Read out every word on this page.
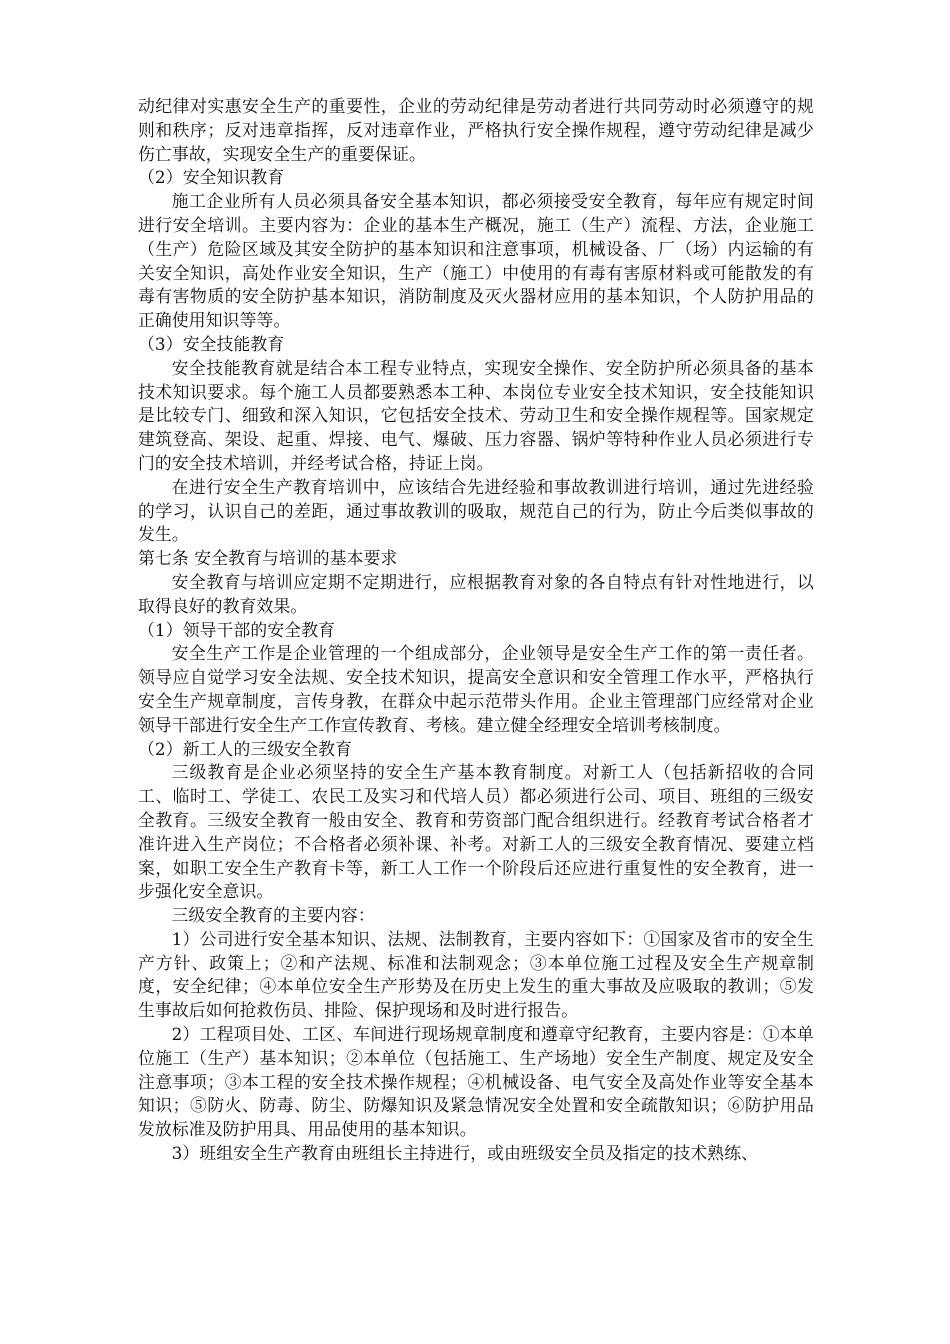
动纪律对实惠安全生产的重要性，企业的劳动纪律是劳动者进行共同劳动时必须遵守的规则和秩序；反对违章指挥，反对违章作业，严格执行安全操作规程，遵守劳动纪律是减少伤亡事故，实现安全生产的重要保证。

（2）安全知识教育

施工企业所有人员必须具备安全基本知识，都必须接受安全教育，每年应有规定时间进行安全培训。主要内容为：企业的基本生产概况，施工（生产）流程、方法，企业施工（生产）危险区域及其安全防护的基本知识和注意事项，机械设备、厂（场）内运输的有关安全知识，高处作业安全知识，生产（施工）中使用的有毒有害原材料或可能散发的有毒有害物质的安全防护基本知识，消防制度及灭火器材应用的基本知识，个人防护用品的正确使用知识等等。

（3）安全技能教育

安全技能教育就是结合本工程专业特点，实现安全操作、安全防护所必须具备的基本技术知识要求。每个施工人员都要熟悉本工种、本岗位专业安全技术知识，安全技能知识是比较专门、细致和深入知识，它包括安全技术、劳动卫生和安全操作规程等。国家规定建筑登高、架设、起重、焊接、电气、爆破、压力容器、锅炉等特种作业人员必须进行专门的安全技术培训，并经考试合格，持证上岗。

在进行安全生产教育培训中，应该结合先进经验和事故教训进行培训，通过先进经验的学习，认识自己的差距，通过事故教训的吸取，规范自己的行为，防止今后类似事故的发生。

第七条 安全教育与培训的基本要求

安全教育与培训应定期不定期进行，应根据教育对象的各自特点有针对性地进行，以取得良好的教育效果。

（1）领导干部的安全教育

安全生产工作是企业管理的一个组成部分，企业领导是安全生产工作的第一责任者。领导应自觉学习安全法规、安全技术知识，提高安全意识和安全管理工作水平，严格执行安全生产规章制度，言传身教，在群众中起示范带头作用。企业主管理部门应经常对企业领导干部进行安全生产工作宣传教育、考核。建立健全经理安全培训考核制度。

（2）新工人的三级安全教育

三级教育是企业必须坚持的安全生产基本教育制度。对新工人（包括新招收的合同工、临时工、学徒工、农民工及实习和代培人员）都必须进行公司、项目、班组的三级安全教育。三级安全教育一般由安全、教育和劳资部门配合组织进行。经教育考试合格者才准许进入生产岗位；不合格者必须补课、补考。对新工人的三级安全教育情况、要建立档案，如职工安全生产教育卡等，新工人工作一个阶段后还应进行重复性的安全教育，进一步强化安全意识。

三级安全教育的主要内容：

1）公司进行安全基本知识、法规、法制教育，主要内容如下：①国家及省市的安全生产方针、政策上；②和产法规、标准和法制观念；③本单位施工过程及安全生产规章制度，安全纪律；④本单位安全生产形势及在历史上发生的重大事故及应吸取的教训；⑤发生事故后如何抢救伤员、排险、保护现场和及时进行报告。

2）工程项目处、工区、车间进行现场规章制度和遵章守纪教育，主要内容是：①本单位施工（生产）基本知识；②本单位（包括施工、生产场地）安全生产制度、规定及安全注意事项；③本工程的安全技术操作规程；④机械设备、电气安全及高处作业等安全基本知识；⑤防火、防毒、防尘、防爆知识及紧急情况安全处置和安全疏散知识；⑥防护用品发放标准及防护用具、用品使用的基本知识。

3）班组安全生产教育由班组长主持进行，或由班级安全员及指定的技术熟练、
